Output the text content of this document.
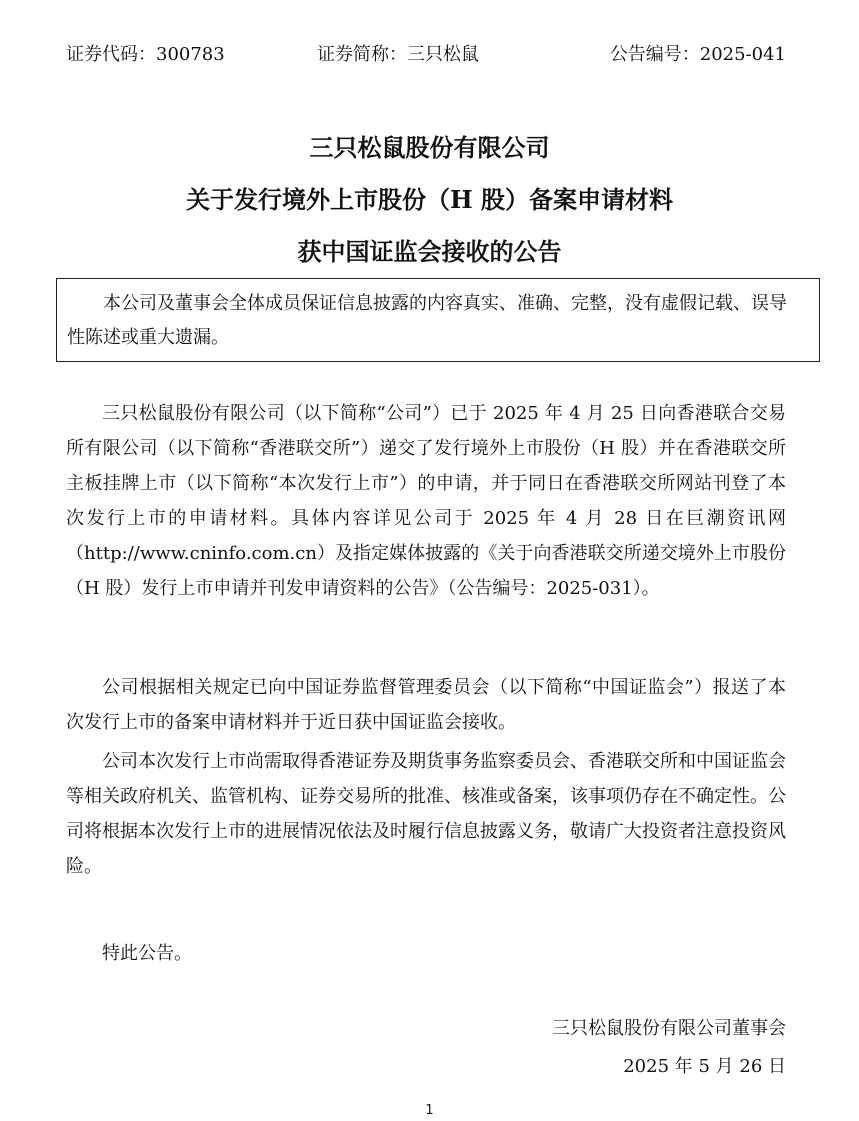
证券代码：300783	证券简称：三只松鼠	公告编号：2025-041
三只松鼠股份有限公司
关于发行境外上市股份（H 股）备案申请材料
获中国证监会接收的公告
本公司及董事会全体成员保证信息披露的内容真实、准确、完整，没有虚假记载、误导性陈述或重大遗漏。

三只松鼠股份有限公司（以下简称“公司”）已于 2025 年 4 月 25 日向香港联合交易所有限公司（以下简称“香港联交所”）递交了发行境外上市股份（H 股）并在香港联交所主板挂牌上市（以下简称“本次发行上市”）的申请，并于同日在香港联交所网站刊登了本次发行上市的申请材料。具体内容详见公司于 2025 年 4 月 28 日在巨潮资讯网（http://www.cninfo.com.cn）及指定媒体披露的《关于向香港联交所递交境外上市股份（H 股）发行上市申请并刊发申请资料的公告》（公告编号：2025-031）。

公司根据相关规定已向中国证券监督管理委员会（以下简称“中国证监会”）报送了本次发行上市的备案申请材料并于近日获中国证监会接收。

公司本次发行上市尚需取得香港证券及期货事务监察委员会、香港联交所和中国证监会等相关政府机关、监管机构、证券交易所的批准、核准或备案，该事项仍存在不确定性。公司将根据本次发行上市的进展情况依法及时履行信息披露义务，敬请广大投资者注意投资风险。

特此公告。

三只松鼠股份有限公司董事会
2025 年 5 月 26 日
1
